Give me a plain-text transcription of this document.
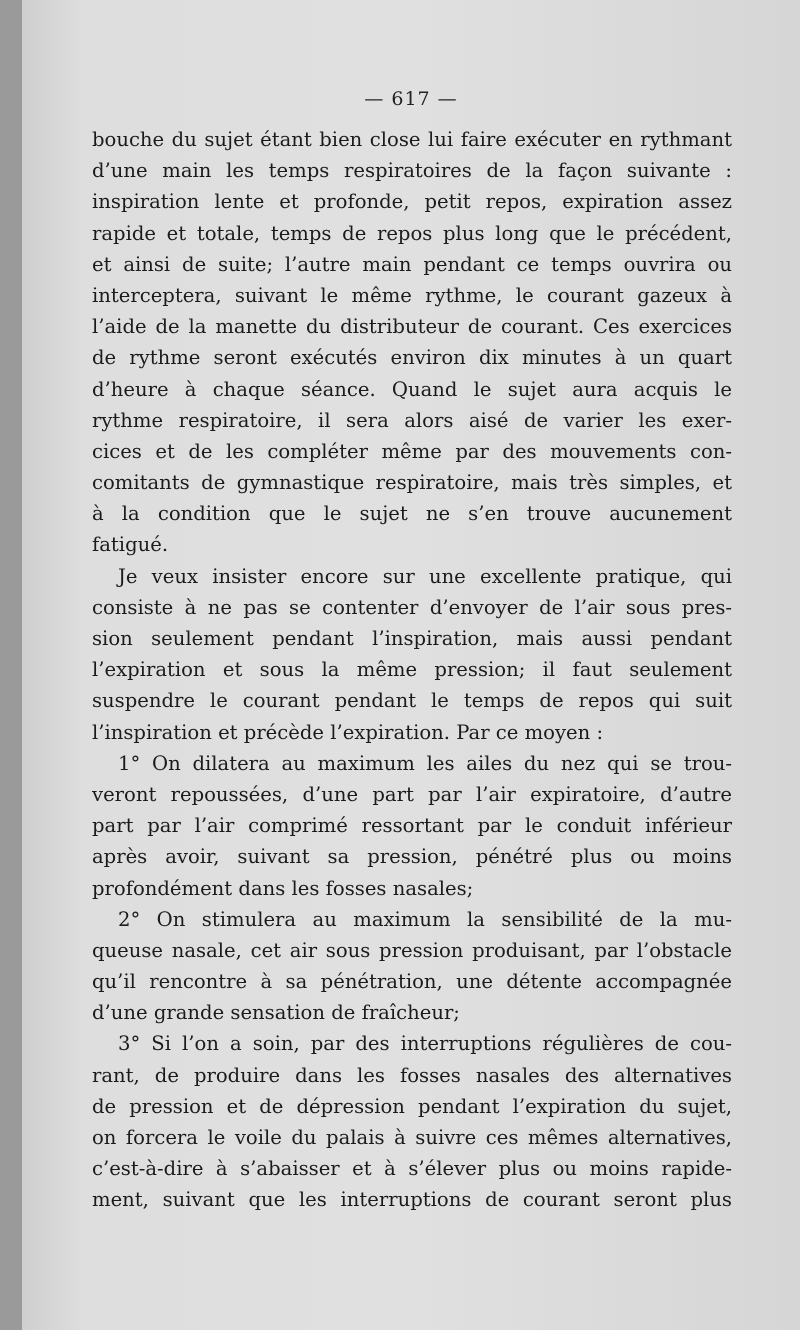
— 617 —
bouche du sujet étant bien close lui faire exécuter en rythmant
d’une main les temps respiratoires de la façon suivante :
inspiration lente et profonde, petit repos, expiration assez
rapide et totale, temps de repos plus long que le précédent,
et ainsi de suite; l’autre main pendant ce temps ouvrira ou
interceptera, suivant le même rythme, le courant gazeux à
l’aide de la manette du distributeur de courant. Ces exercices
de rythme seront exécutés environ dix minutes à un quart
d’heure à chaque séance. Quand le sujet aura acquis le
rythme respiratoire, il sera alors aisé de varier les exer-
cices et de les compléter même par des mouvements con-
comitants de gymnastique respiratoire, mais très simples, et
à la condition que le sujet ne s’en trouve aucunement
fatigué.
Je veux insister encore sur une excellente pratique, qui
consiste à ne pas se contenter d’envoyer de l’air sous pres-
sion seulement pendant l’inspiration, mais aussi pendant
l’expiration et sous la même pression; il faut seulement
suspendre le courant pendant le temps de repos qui suit
l’inspiration et précède l’expiration. Par ce moyen :
1° On dilatera au maximum les ailes du nez qui se trou-
veront repoussées, d’une part par l’air expiratoire, d’autre
part par l’air comprimé ressortant par le conduit inférieur
après avoir, suivant sa pression, pénétré plus ou moins
profondément dans les fosses nasales;
2° On stimulera au maximum la sensibilité de la mu-
queuse nasale, cet air sous pression produisant, par l’obstacle
qu’il rencontre à sa pénétration, une détente accompagnée
d’une grande sensation de fraîcheur;
3° Si l’on a soin, par des interruptions régulières de cou-
rant, de produire dans les fosses nasales des alternatives
de pression et de dépression pendant l’expiration du sujet,
on forcera le voile du palais à suivre ces mêmes alternatives,
c’est-à-dire à s’abaisser et à s’élever plus ou moins rapide-
ment, suivant que les interruptions de courant seront plus
